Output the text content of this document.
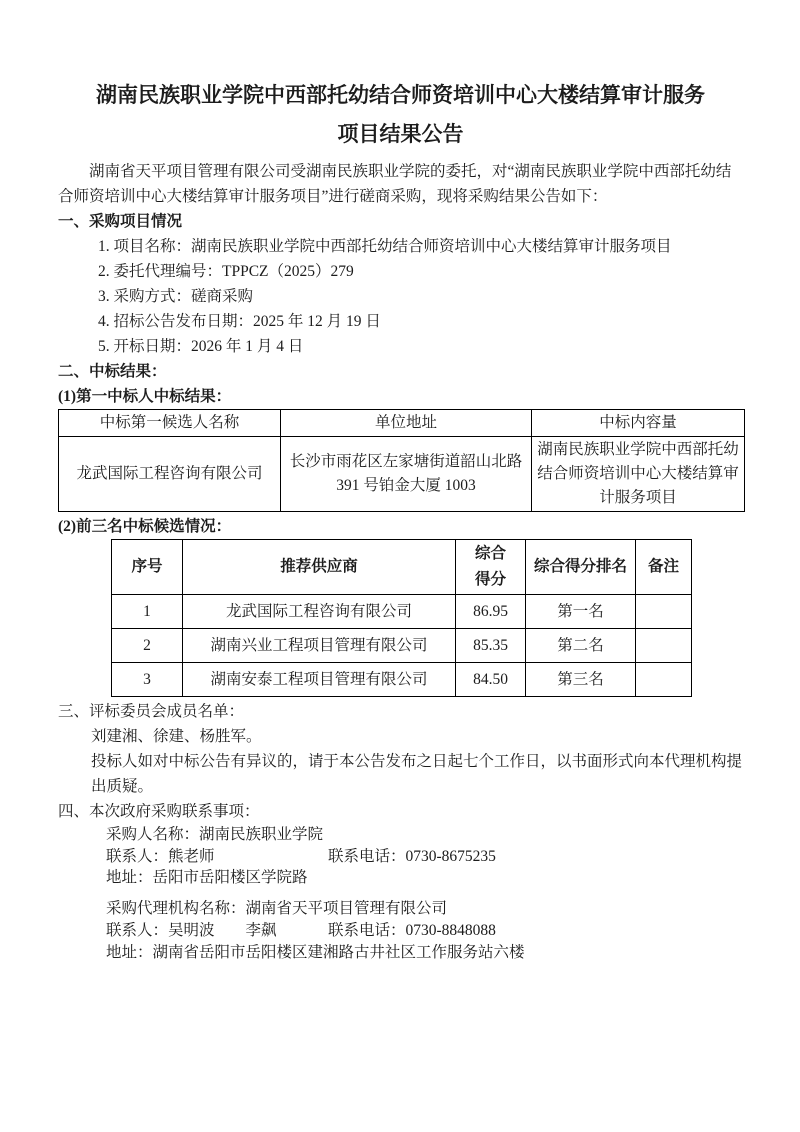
湖南民族职业学院中西部托幼结合师资培训中心大楼结算审计服务
项目结果公告

湖南省天平项目管理有限公司受湖南民族职业学院的委托，对“湖南民族职业学院中西部托幼结合师资培训中心大楼结算审计服务项目”进行磋商采购，现将采购结果公告如下：

一、采购项目情况
1. 项目名称：湖南民族职业学院中西部托幼结合师资培训中心大楼结算审计服务项目
2. 委托代理编号：TPPCZ（2025）279
3. 采购方式：磋商采购
4. 招标公告发布日期：2025 年 12 月 19 日
5. 开标日期：2026 年 1 月 4 日
二、中标结果：
(1)第一中标人中标结果：
中标第一候选人名称	单位地址	中标内容量
龙武国际工程咨询有限公司	长沙市雨花区左家塘街道韶山北路 391 号铂金大厦 1003	湖南民族职业学院中西部托幼结合师资培训中心大楼结算审计服务项目
(2)前三名中标候选情况：
序号	推荐供应商	综合得分	综合得分排名	备注
1	龙武国际工程咨询有限公司	86.95	第一名	
2	湖南兴业工程项目管理有限公司	85.35	第二名	
3	湖南安泰工程项目管理有限公司	84.50	第三名	
三、评标委员会成员名单：
刘建湘、徐建、杨胜军。
投标人如对中标公告有异议的，请于本公告发布之日起七个工作日，以书面形式向本代理机构提出质疑。
四、本次政府采购联系事项：
采购人名称：湖南民族职业学院
联系人：熊老师	联系电话：0730-8675235
地址：岳阳市岳阳楼区学院路
采购代理机构名称：湖南省天平项目管理有限公司
联系人：吴明波　　李飙	联系电话：0730-8848088
地址：湖南省岳阳市岳阳楼区建湘路古井社区工作服务站六楼
